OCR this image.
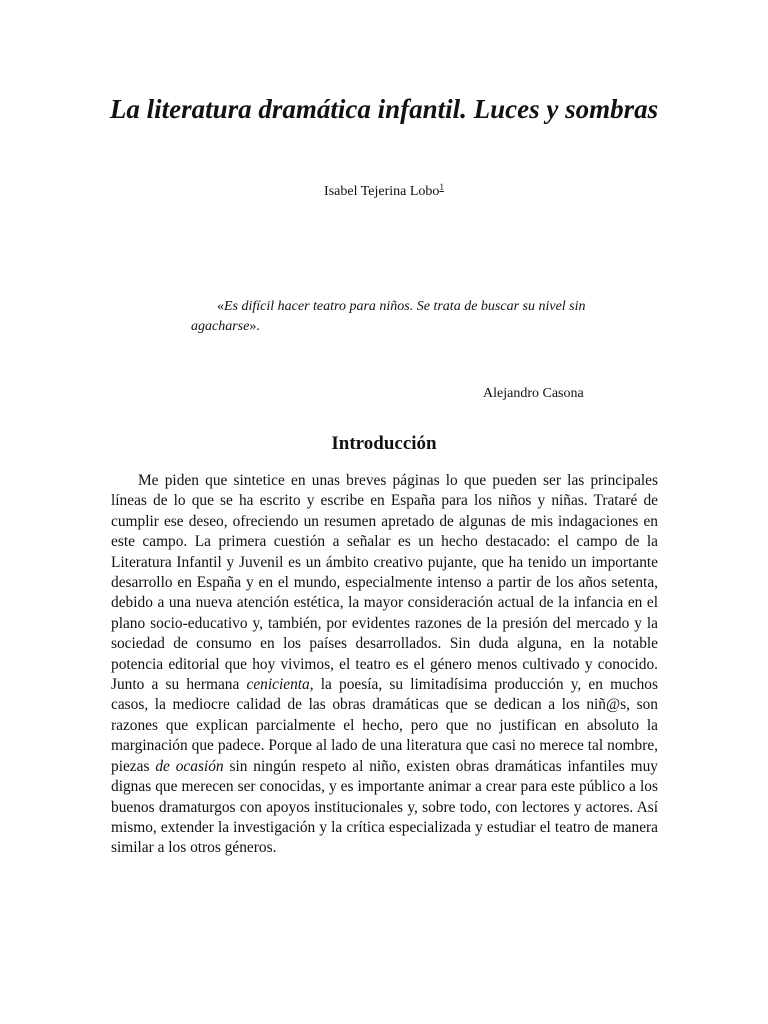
La literatura dramática infantil. Luces y sombras
Isabel Tejerina Lobo$^1$

«Es difícil hacer teatro para niños. Se trata de buscar su nivel sin agacharse».

Alejandro Casona
Introducción

Me piden que sintetice en unas breves páginas lo que pueden ser las principales líneas de lo que se ha escrito y escribe en España para los niños y niñas. Trataré de cumplir ese deseo, ofreciendo un resumen apretado de algunas de mis indagaciones en este campo. La primera cuestión a señalar es un hecho destacado: el campo de la Literatura Infantil y Juvenil es un ámbito creativo pujante, que ha tenido un importante desarrollo en España y en el mundo, especialmente intenso a partir de los años setenta, debido a una nueva atención estética, la mayor consideración actual de la infancia en el plano socio-educativo y, también, por evidentes razones de la presión del mercado y la sociedad de consumo en los países desarrollados. Sin duda alguna, en la notable potencia editorial que hoy vivimos, el teatro es el género menos cultivado y conocido. Junto a su hermana cenicienta, la poesía, su limitadísima producción y, en muchos casos, la mediocre calidad de las obras dramáticas que se dedican a los niñ@s, son razones que explican parcialmente el hecho, pero que no justifican en absoluto la marginación que padece. Porque al lado de una literatura que casi no merece tal nombre, piezas de ocasión sin ningún respeto al niño, existen obras dramáticas infantiles muy dignas que merecen ser conocidas, y es importante animar a crear para este público a los buenos dramaturgos con apoyos institucionales y, sobre todo, con lectores y actores. Así mismo, extender la investigación y la crítica especializada y estudiar el teatro de manera similar a los otros géneros.
